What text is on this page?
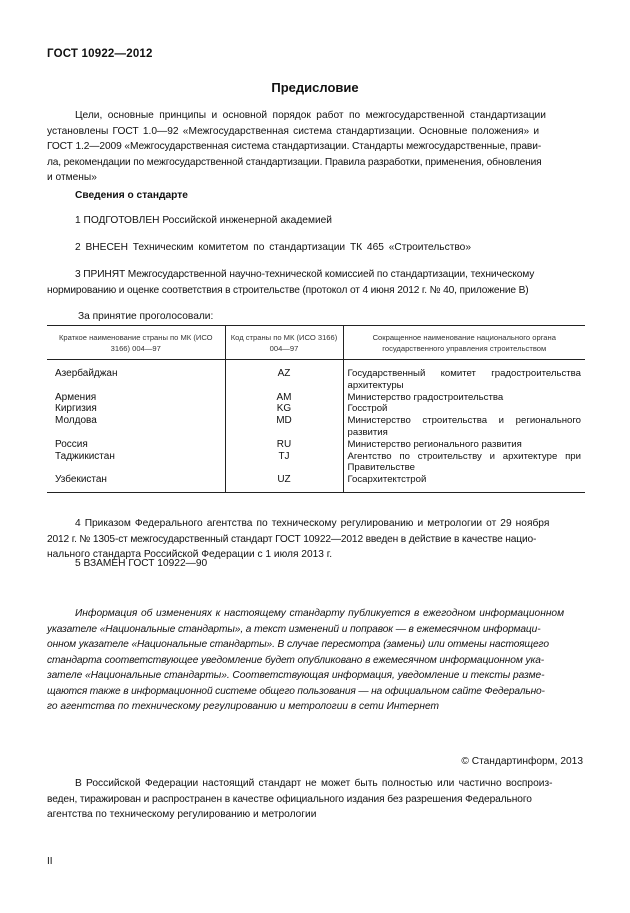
ГОСТ 10922—2012
Предисловие
Цели, основные принципы и основной порядок работ по межгосударственной стандартизации
установлены ГОСТ 1.0—92 «Межгосударственная система стандартизации. Основные положения» и
ГОСТ 1.2—2009 «Межгосударственная система стандартизации. Стандарты межгосударственные, прави-
ла, рекомендации по межгосударственной стандартизации. Правила разработки, применения, обновления
и отмены»
Сведения о стандарте
1 ПОДГОТОВЛЕН Российской инженерной академией
2 ВНЕСЕН Техническим комитетом по стандартизации ТК 465 «Строительство»
3 ПРИНЯТ Межгосударственной научно-технической комиссией по стандартизации, техническому
нормированию и оценке соответствия в строительстве (протокол от 4 июня 2012 г. № 40, приложение В)
За принятие проголосовали:
Краткое наименование страны по МК (ИСО 3166) 004—97	Код страны по МК (ИСО 3166) 004—97	Сокращенное наименование национального органа государственного управления строительством
Азербайджан	AZ	Государственный комитет градостроительства архитектуры
Армения	AM	Министерство градостроительства
Киргизия	KG	Госстрой
Молдова	MD	Министерство строительства и регионального развития
Россия	RU	Министерство регионального развития
Таджикистан	TJ	Агентство по строительству и архитектуре при Правительстве
Узбекистан	UZ	Госархитектстрой
4 Приказом Федерального агентства по техническому регулированию и метрологии от 29 ноября
2012 г. № 1305-ст межгосударственный стандарт ГОСТ 10922—2012 введен в действие в качестве нацио-
нального стандарта Российской Федерации с 1 июля 2013 г.
5 ВЗАМЕН ГОСТ 10922—90
Информация об изменениях к настоящему стандарту публикуется в ежегодном информационном
указателе «Национальные стандарты», а текст изменений и поправок — в ежемесячном информаци-
онном указателе «Национальные стандарты». В случае пересмотра (замены) или отмены настоящего
стандарта соответствующее уведомление будет опубликовано в ежемесячном информационном ука-
зателе «Национальные стандарты». Соответствующая информация, уведомление и тексты разме-
щаются также в информационной системе общего пользования — на официальном сайте Федерально-
го агентства по техническому регулированию и метрологии в сети Интернет
© Стандартинформ, 2013
В Российской Федерации настоящий стандарт не может быть полностью или частично воспроиз-
веден, тиражирован и распространен в качестве официального издания без разрешения Федерального
агентства по техническому регулированию и метрологии
II
